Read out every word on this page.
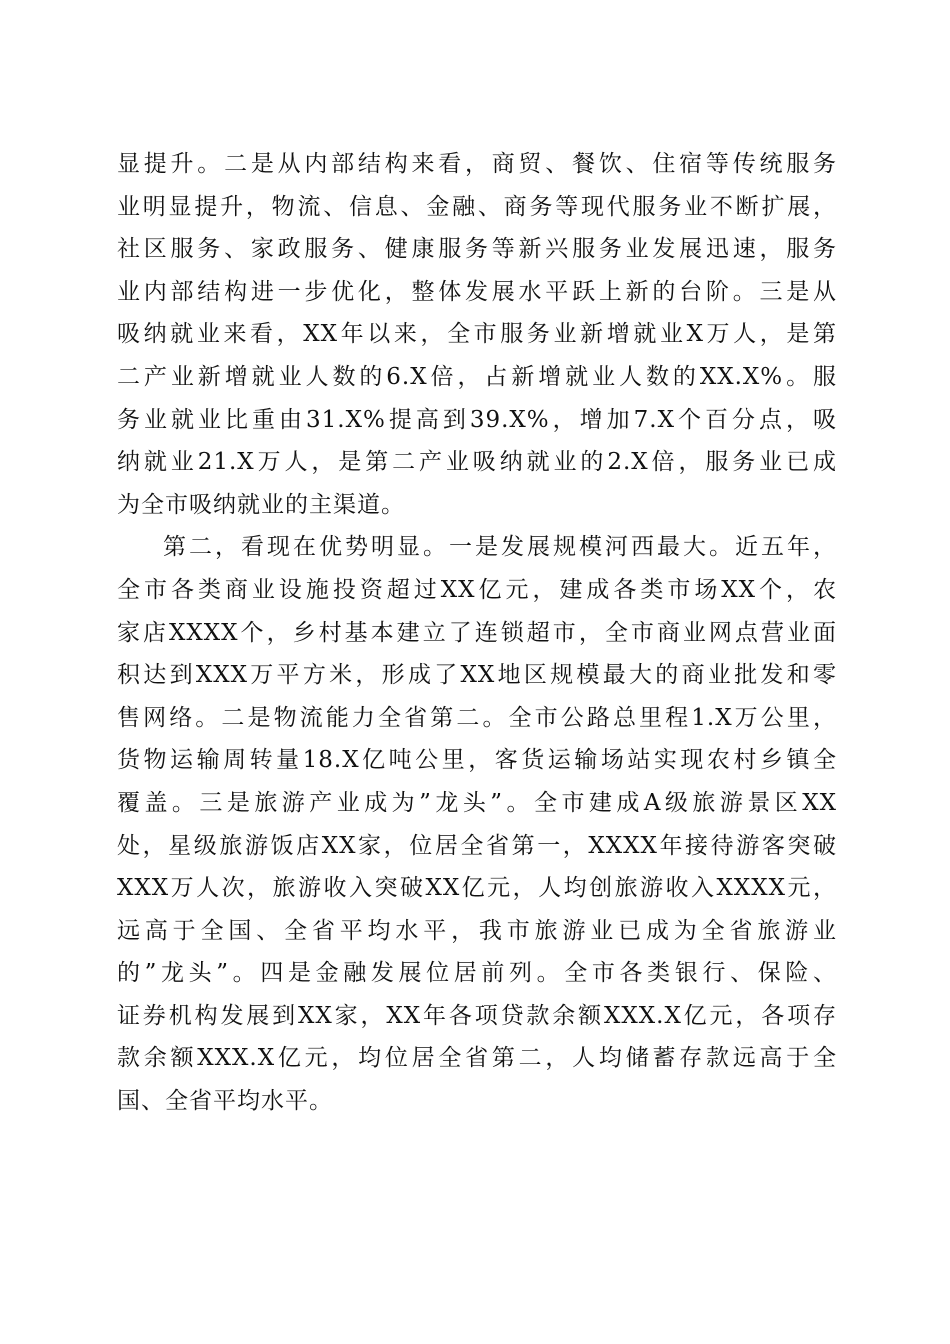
显提升。二是从内部结构来看，商贸、餐饮、住宿等传统服务
业明显提升，物流、信息、金融、商务等现代服务业不断扩展，
社区服务、家政服务、健康服务等新兴服务业发展迅速，服务
业内部结构进一步优化，整体发展水平跃上新的台阶。三是从
吸纳就业来看，XX年以来，全市服务业新增就业X万人，是第
二产业新增就业人数的6.X倍，占新增就业人数的XX.X%。服
务业就业比重由31.X%提高到39.X%，增加7.X个百分点，吸
纳就业21.X万人，是第二产业吸纳就业的2.X倍，服务业已成
为全市吸纳就业的主渠道。
第二，看现在优势明显。一是发展规模河西最大。近五年，
全市各类商业设施投资超过XX亿元，建成各类市场XX个，农
家店XXXX个，乡村基本建立了连锁超市，全市商业网点营业面
积达到XXX万平方米，形成了XX地区规模最大的商业批发和零
售网络。二是物流能力全省第二。全市公路总里程1.X万公里，
货物运输周转量18.X亿吨公里，客货运输场站实现农村乡镇全
覆盖。三是旅游产业成为”龙头”。全市建成A级旅游景区XX
处，星级旅游饭店XX家，位居全省第一，XXXX年接待游客突破
XXX万人次，旅游收入突破XX亿元，人均创旅游收入XXXX元，
远高于全国、全省平均水平，我市旅游业已成为全省旅游业
的”龙头”。四是金融发展位居前列。全市各类银行、保险、
证券机构发展到XX家，XX年各项贷款余额XXX.X亿元，各项存
款余额XXX.X亿元，均位居全省第二，人均储蓄存款远高于全
国、全省平均水平。
